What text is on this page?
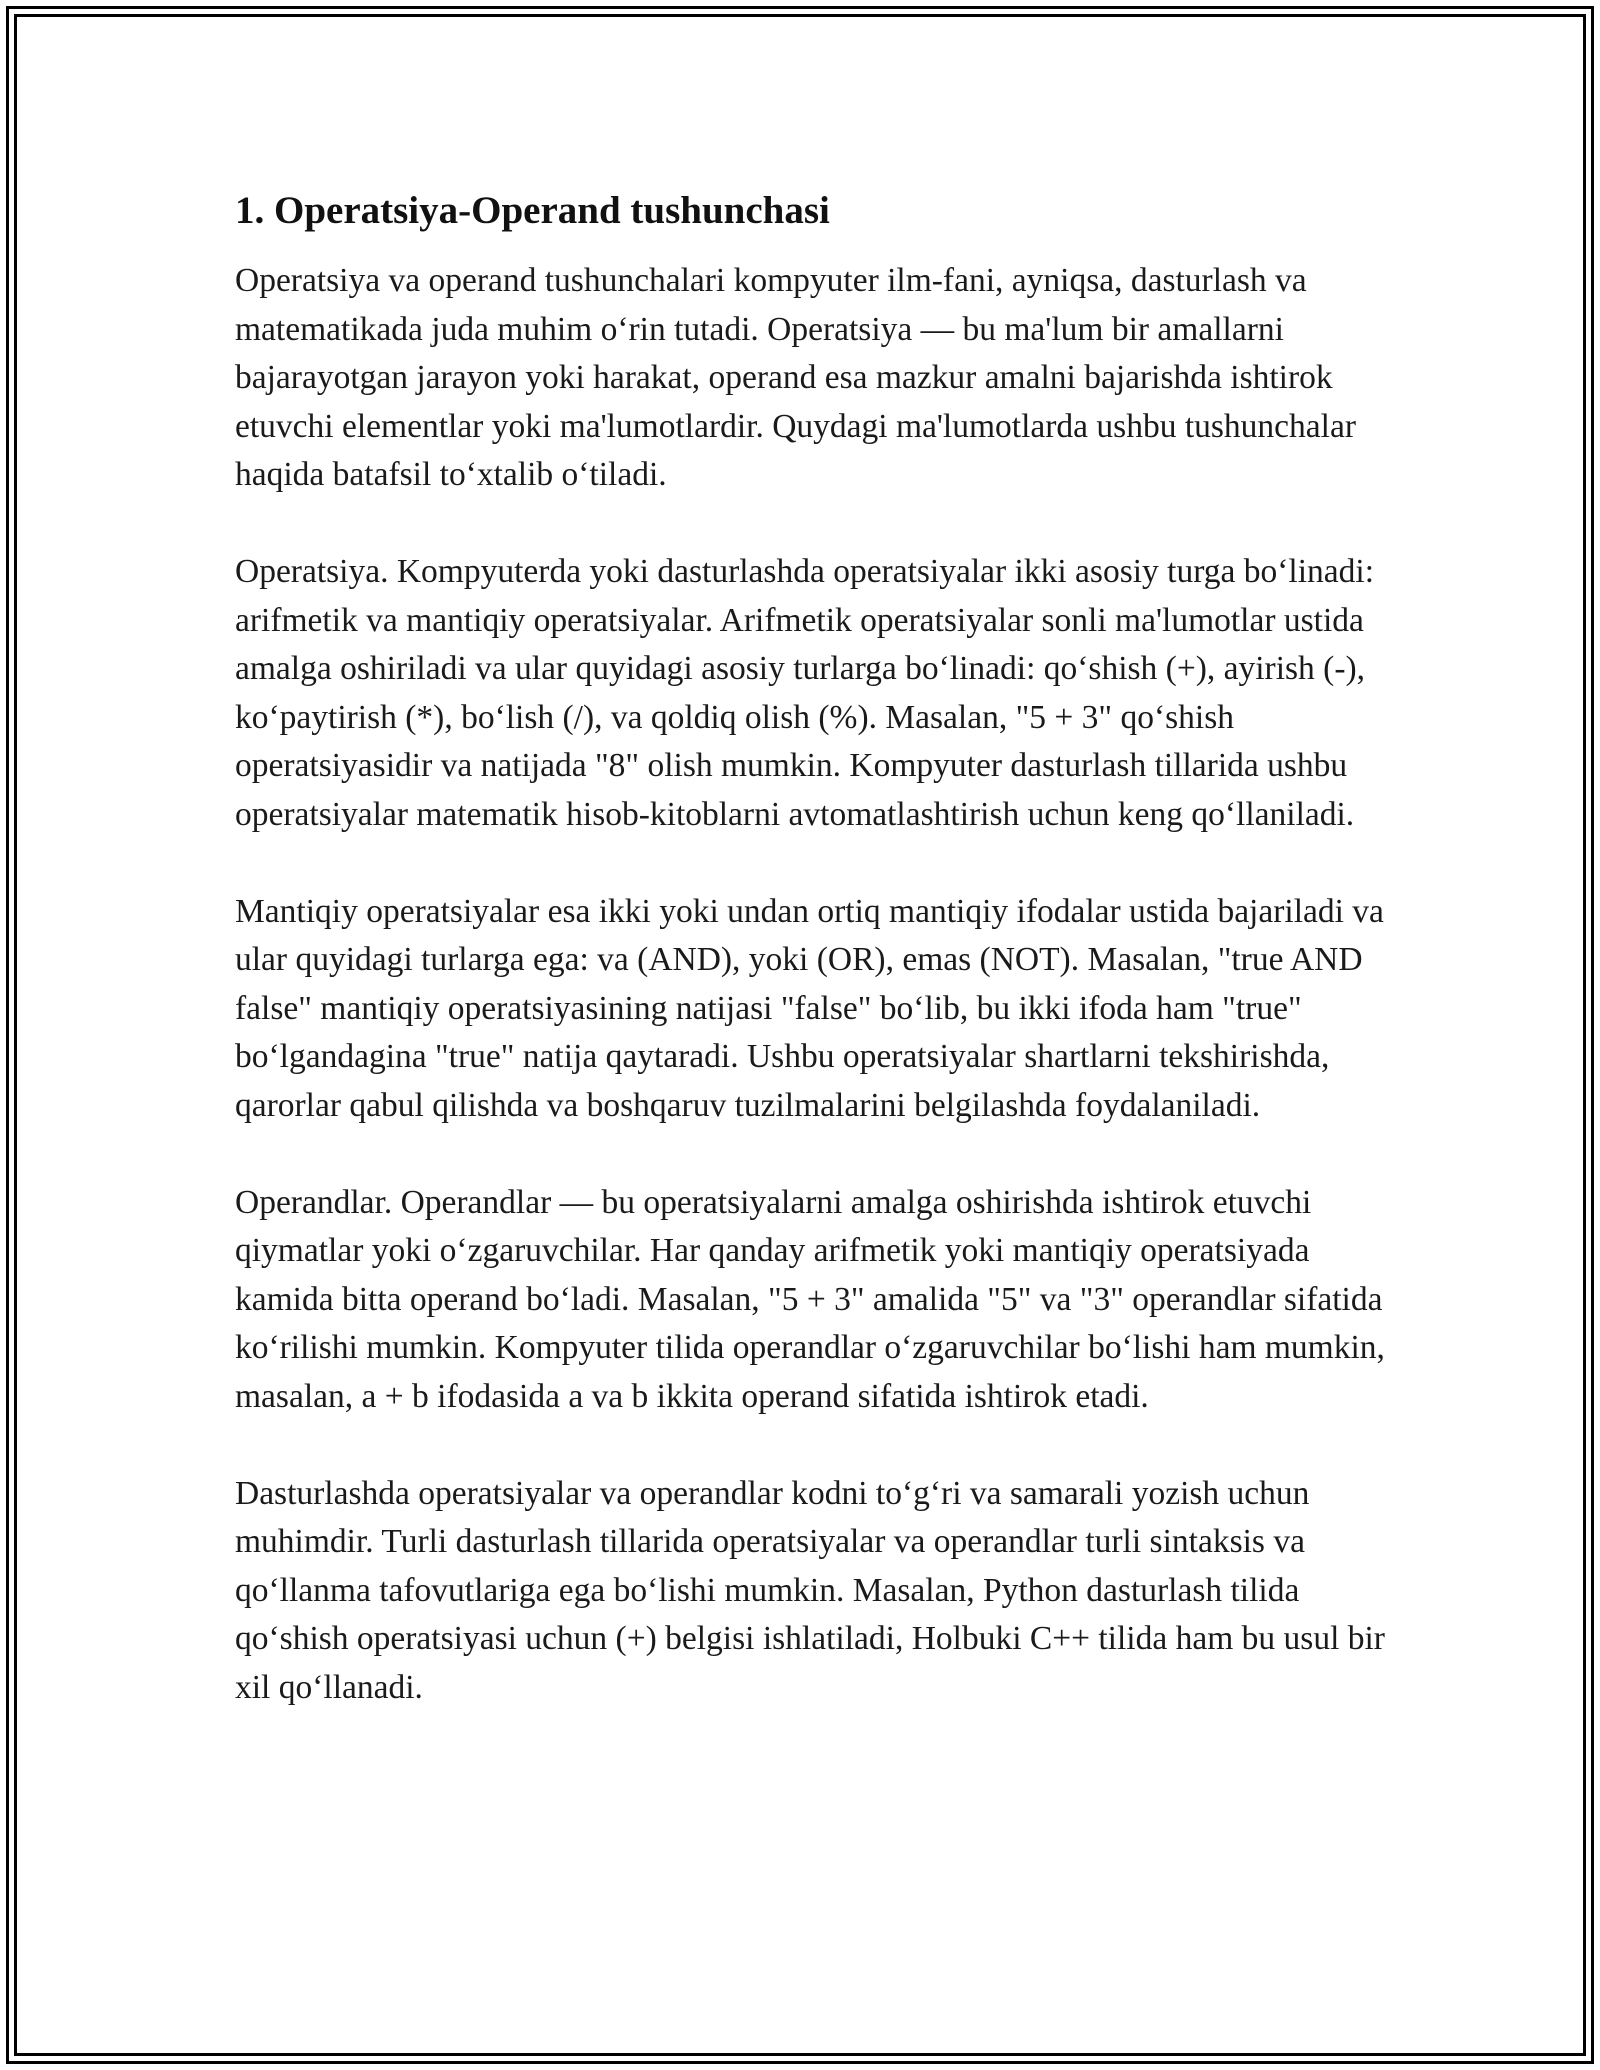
1. Operatsiya-Operand tushunchasi

Operatsiya va operand tushunchalari kompyuter ilm-fani, ayniqsa, dasturlash va matematikada juda muhim o‘rin tutadi. Operatsiya — bu ma'lum bir amallarni bajarayotgan jarayon yoki harakat, operand esa mazkur amalni bajarishda ishtirok etuvchi elementlar yoki ma'lumotlardir. Quydagi ma'lumotlarda ushbu tushunchalar haqida batafsil to‘xtalib o‘tiladi.

Operatsiya. Kompyuterda yoki dasturlashda operatsiyalar ikki asosiy turga bo‘linadi: arifmetik va mantiqiy operatsiyalar. Arifmetik operatsiyalar sonli ma'lumotlar ustida amalga oshiriladi va ular quyidagi asosiy turlarga bo‘linadi: qo‘shish (+), ayirish (-), ko‘paytirish (*), bo‘lish (/), va qoldiq olish (%). Masalan, "5 + 3" qo‘shish operatsiyasidir va natijada "8" olish mumkin. Kompyuter dasturlash tillarida ushbu operatsiyalar matematik hisob-kitoblarni avtomatlashtirish uchun keng qo‘llaniladi.

Mantiqiy operatsiyalar esa ikki yoki undan ortiq mantiqiy ifodalar ustida bajariladi va ular quyidagi turlarga ega: va (AND), yoki (OR), emas (NOT). Masalan, "true AND false" mantiqiy operatsiyasining natijasi "false" bo‘lib, bu ikki ifoda ham "true" bo‘lgandagina "true" natija qaytaradi. Ushbu operatsiyalar shartlarni tekshirishda, qarorlar qabul qilishda va boshqaruv tuzilmalarini belgilashda foydalaniladi.

Operandlar. Operandlar — bu operatsiyalarni amalga oshirishda ishtirok etuvchi qiymatlar yoki o‘zgaruvchilar. Har qanday arifmetik yoki mantiqiy operatsiyada kamida bitta operand bo‘ladi. Masalan, "5 + 3" amalida "5" va "3" operandlar sifatida ko‘rilishi mumkin. Kompyuter tilida operandlar o‘zgaruvchilar bo‘lishi ham mumkin, masalan, a + b ifodasida a va b ikkita operand sifatida ishtirok etadi.

Dasturlashda operatsiyalar va operandlar kodni to‘g‘ri va samarali yozish uchun muhimdir. Turli dasturlash tillarida operatsiyalar va operandlar turli sintaksis va qo‘llanma tafovutlariga ega bo‘lishi mumkin. Masalan, Python dasturlash tilida qo‘shish operatsiyasi uchun (+) belgisi ishlatiladi, Holbuki C++ tilida ham bu usul bir xil qo‘llanadi.
